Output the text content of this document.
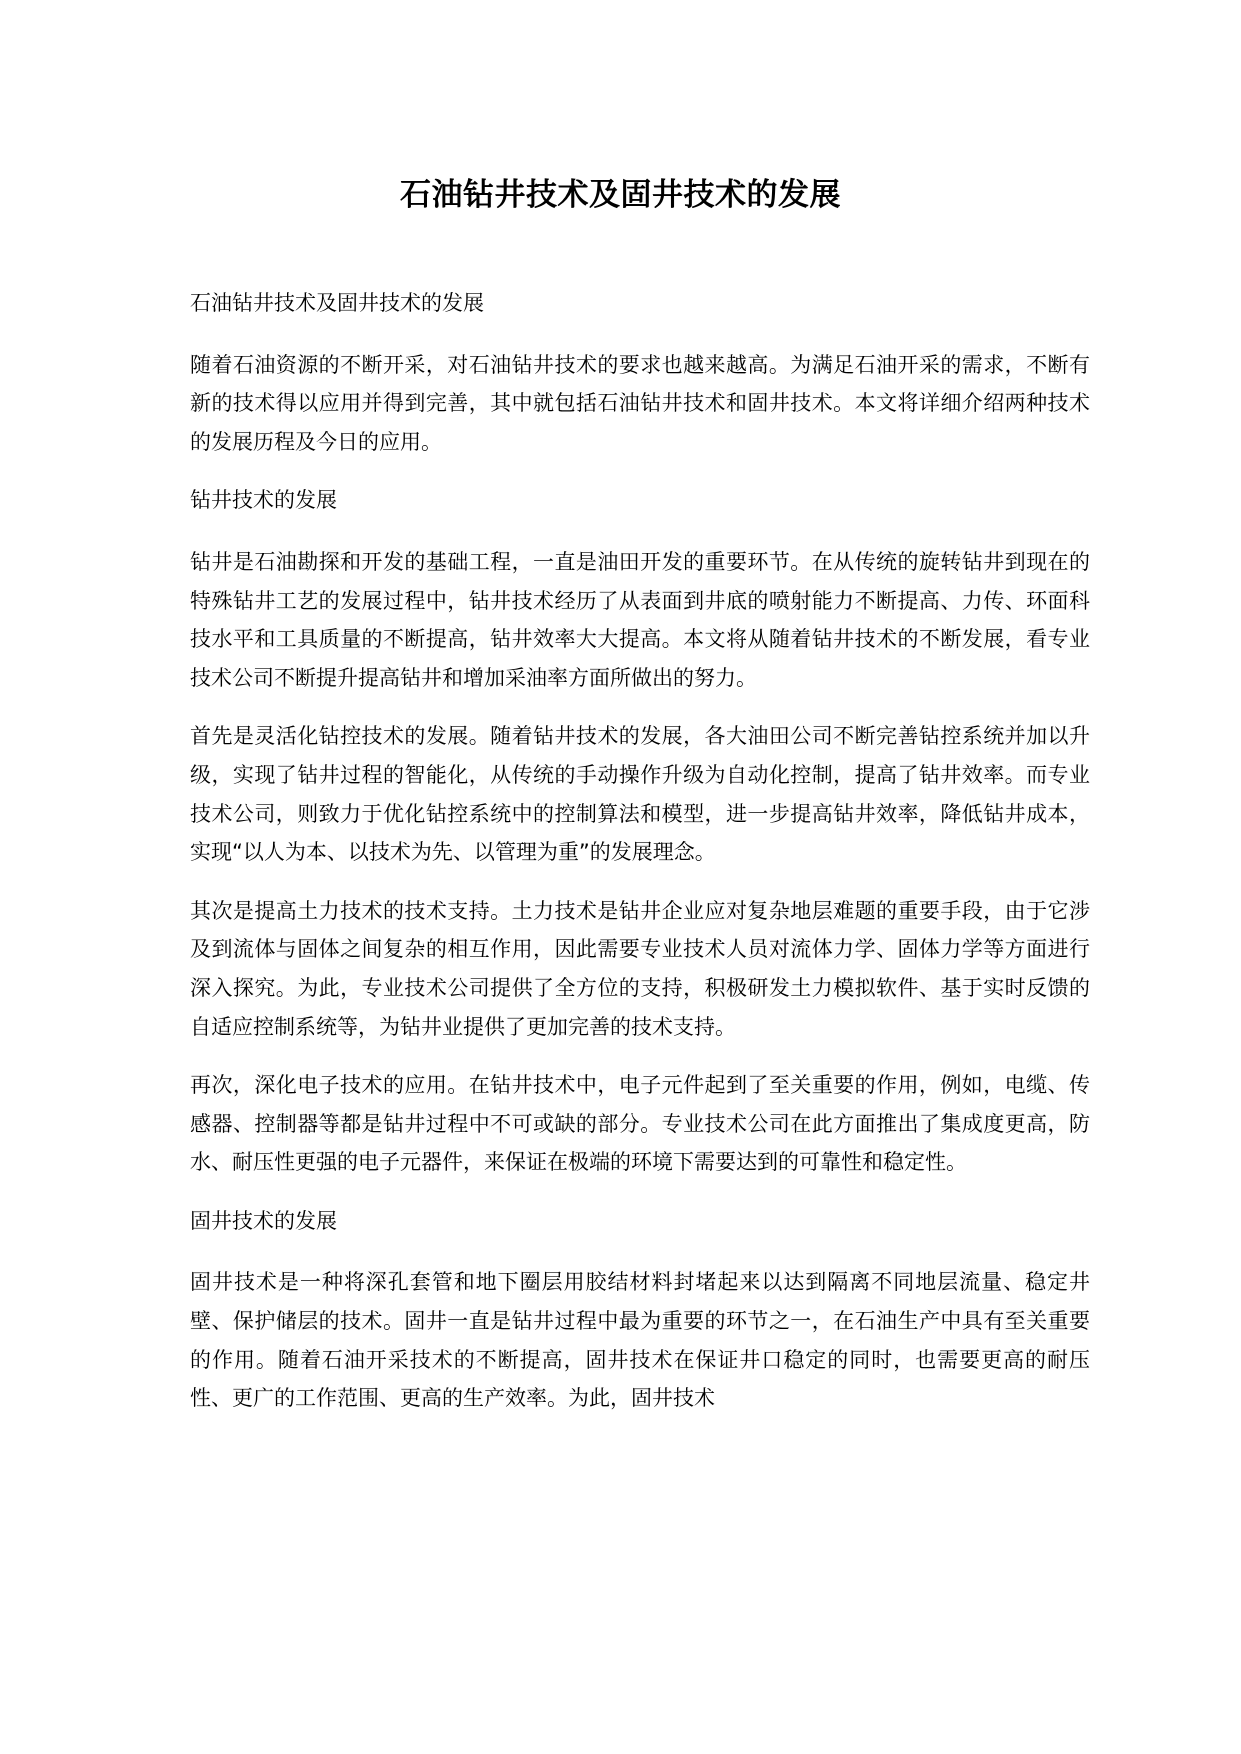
石油钻井技术及固井技术的发展

石油钻井技术及固井技术的发展

随着石油资源的不断开采，对石油钻井技术的要求也越来越高。为满足石油开采的需求，不断有新的技术得以应用并得到完善，其中就包括石油钻井技术和固井技术。本文将详细介绍两种技术的发展历程及今日的应用。

钻井技术的发展

钻井是石油勘探和开发的基础工程，一直是油田开发的重要环节。在从传统的旋转钻井到现在的特殊钻井工艺的发展过程中，钻井技术经历了从表面到井底的喷射能力不断提高、力传、环面科技水平和工具质量的不断提高，钻井效率大大提高。本文将从随着钻井技术的不断发展，看专业技术公司不断提升提高钻井和增加采油率方面所做出的努力。

首先是灵活化钻控技术的发展。随着钻井技术的发展，各大油田公司不断完善钻控系统并加以升级，实现了钻井过程的智能化，从传统的手动操作升级为自动化控制，提高了钻井效率。而专业技术公司，则致力于优化钻控系统中的控制算法和模型，进一步提高钻井效率，降低钻井成本，实现“以人为本、以技术为先、以管理为重”的发展理念。

其次是提高土力技术的技术支持。土力技术是钻井企业应对复杂地层难题的重要手段，由于它涉及到流体与固体之间复杂的相互作用，因此需要专业技术人员对流体力学、固体力学等方面进行深入探究。为此，专业技术公司提供了全方位的支持，积极研发土力模拟软件、基于实时反馈的自适应控制系统等，为钻井业提供了更加完善的技术支持。

再次，深化电子技术的应用。在钻井技术中，电子元件起到了至关重要的作用，例如，电缆、传感器、控制器等都是钻井过程中不可或缺的部分。专业技术公司在此方面推出了集成度更高，防水、耐压性更强的电子元器件，来保证在极端的环境下需要达到的可靠性和稳定性。

固井技术的发展

固井技术是一种将深孔套管和地下圈层用胶结材料封堵起来以达到隔离不同地层流量、稳定井壁、保护储层的技术。固井一直是钻井过程中最为重要的环节之一，在石油生产中具有至关重要的作用。随着石油开采技术的不断提高，固井技术在保证井口稳定的同时，也需要更高的耐压性、更广的工作范围、更高的生产效率。为此，固井技术
